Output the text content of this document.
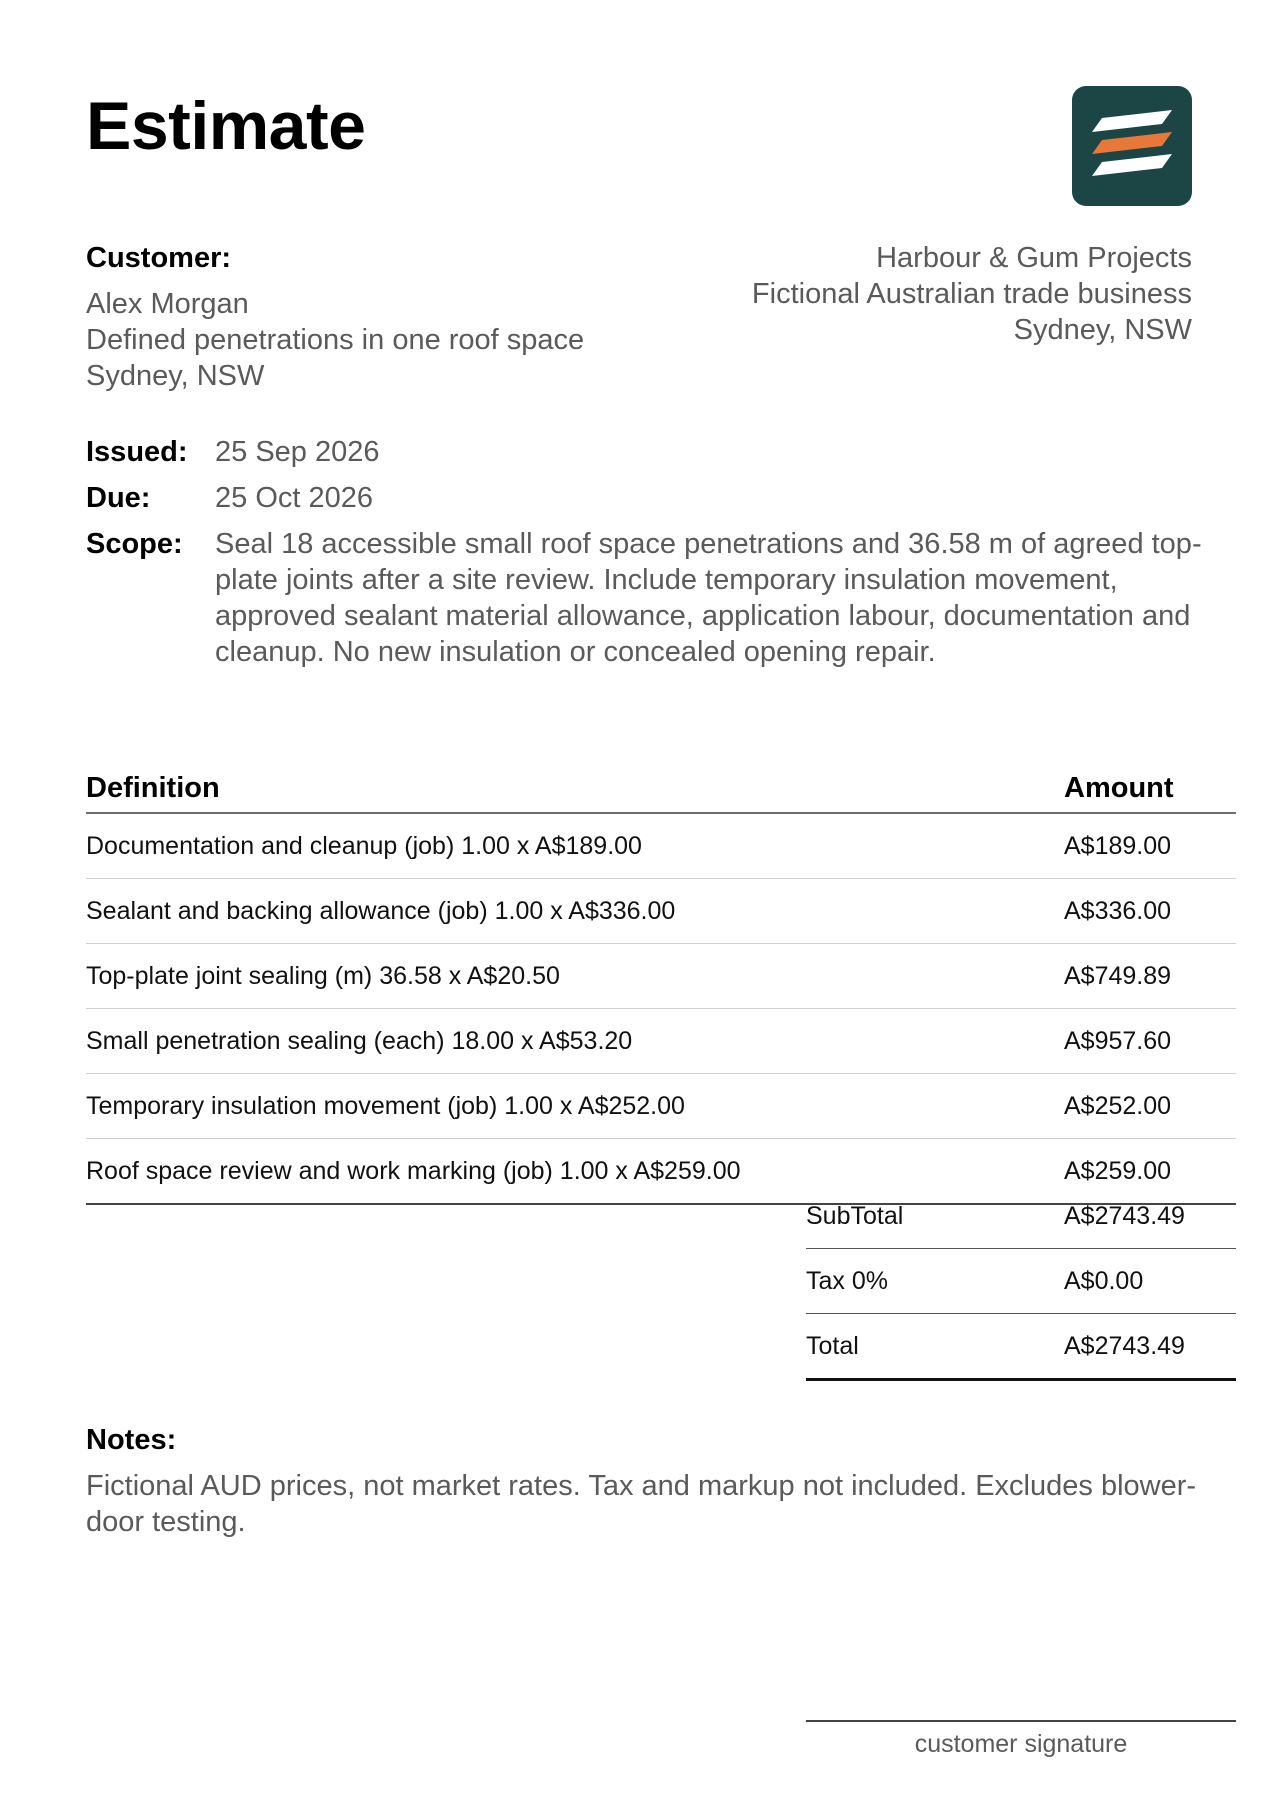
Estimate
Customer:
Alex Morgan
Defined penetrations in one roof space
Sydney, NSW
Harbour & Gum Projects
Fictional Australian trade business
Sydney, NSW
Issued: 25 Sep 2026
Due:	25 Oct 2026
Scope:	Seal 18 accessible small roof space penetrations and 36.58 m of agreed top-plate joints after a site review. Include temporary insulation movement, approved sealant material allowance, application labour, documentation and cleanup. No new insulation or concealed opening repair.
Definition	Amount
Documentation and cleanup (job) 1.00 x A$189.00	A$189.00
Sealant and backing allowance (job) 1.00 x A$336.00	A$336.00
Top-plate joint sealing (m) 36.58 x A$20.50	A$749.89
Small penetration sealing (each) 18.00 x A$53.20	A$957.60
Temporary insulation movement (job) 1.00 x A$252.00	A$252.00
Roof space review and work marking (job) 1.00 x A$259.00	A$259.00
SubTotal	A$2743.49
Tax 0%	A$0.00
Total	A$2743.49
Notes:
Fictional AUD prices, not market rates. Tax and markup not included. Excludes blower-door testing.
customer signature
